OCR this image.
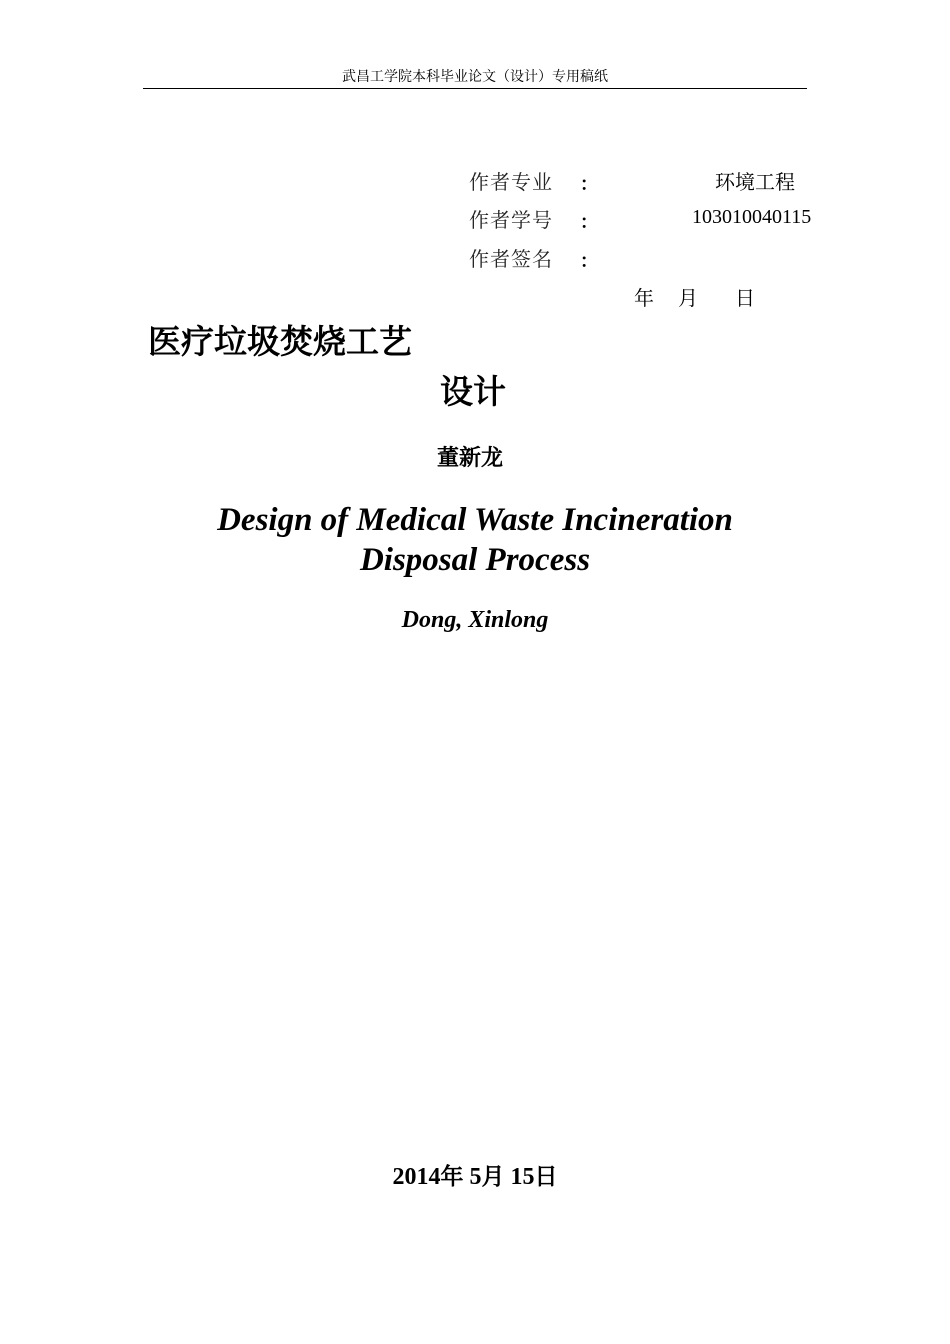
武昌工学院本科毕业论文（设计）专用稿纸
作者专业 ：	环境工程
作者学号 ：	103010040115
作者签名 ：
年 月 日
医疗垃圾焚烧工艺
设计
董新龙
Design of Medical Waste Incineration
Disposal Process
Dong, Xinlong
2014年 5月 15日
